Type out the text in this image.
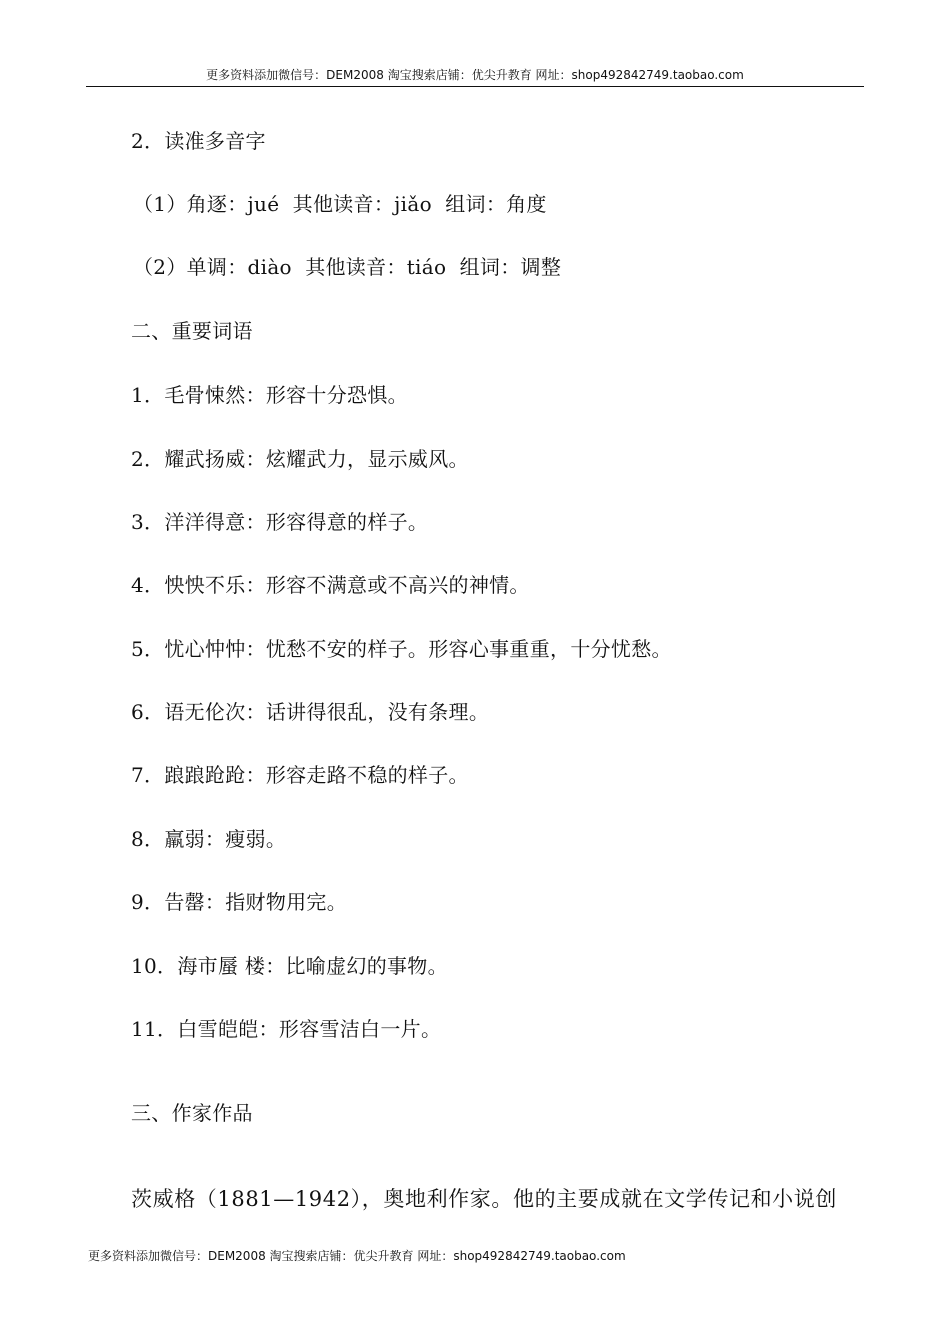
更多资料添加微信号：DEM2008 淘宝搜索店铺：优尖升教育 网址：shop492842749.taobao.com
2．读准多音字
（1）角逐：jué  其他读音：jiǎo  组词：角度
（2）单调：diào  其他读音：tiáo  组词：调整
二、重要词语
1．毛骨悚然：形容十分恐惧。
2．耀武扬威：炫耀武力，显示威风。
3．洋洋得意：形容得意的样子。
4．怏怏不乐：形容不满意或不高兴的神情。
5．忧心忡忡：忧愁不安的样子。形容心事重重，十分忧愁。
6．语无伦次：话讲得很乱，没有条理。
7．踉踉跄跄：形容走路不稳的样子。
8．羸弱：瘦弱。
9．告罄：指财物用完。
10．海市蜃 楼：比喻虚幻的事物。
11．白雪皑皑：形容雪洁白一片。
三、作家作品
茨威格（1881—1942），奥地利作家。他的主要成就在文学传记和小说创
更多资料添加微信号：DEM2008 淘宝搜索店铺：优尖升教育 网址：shop492842749.taobao.com
